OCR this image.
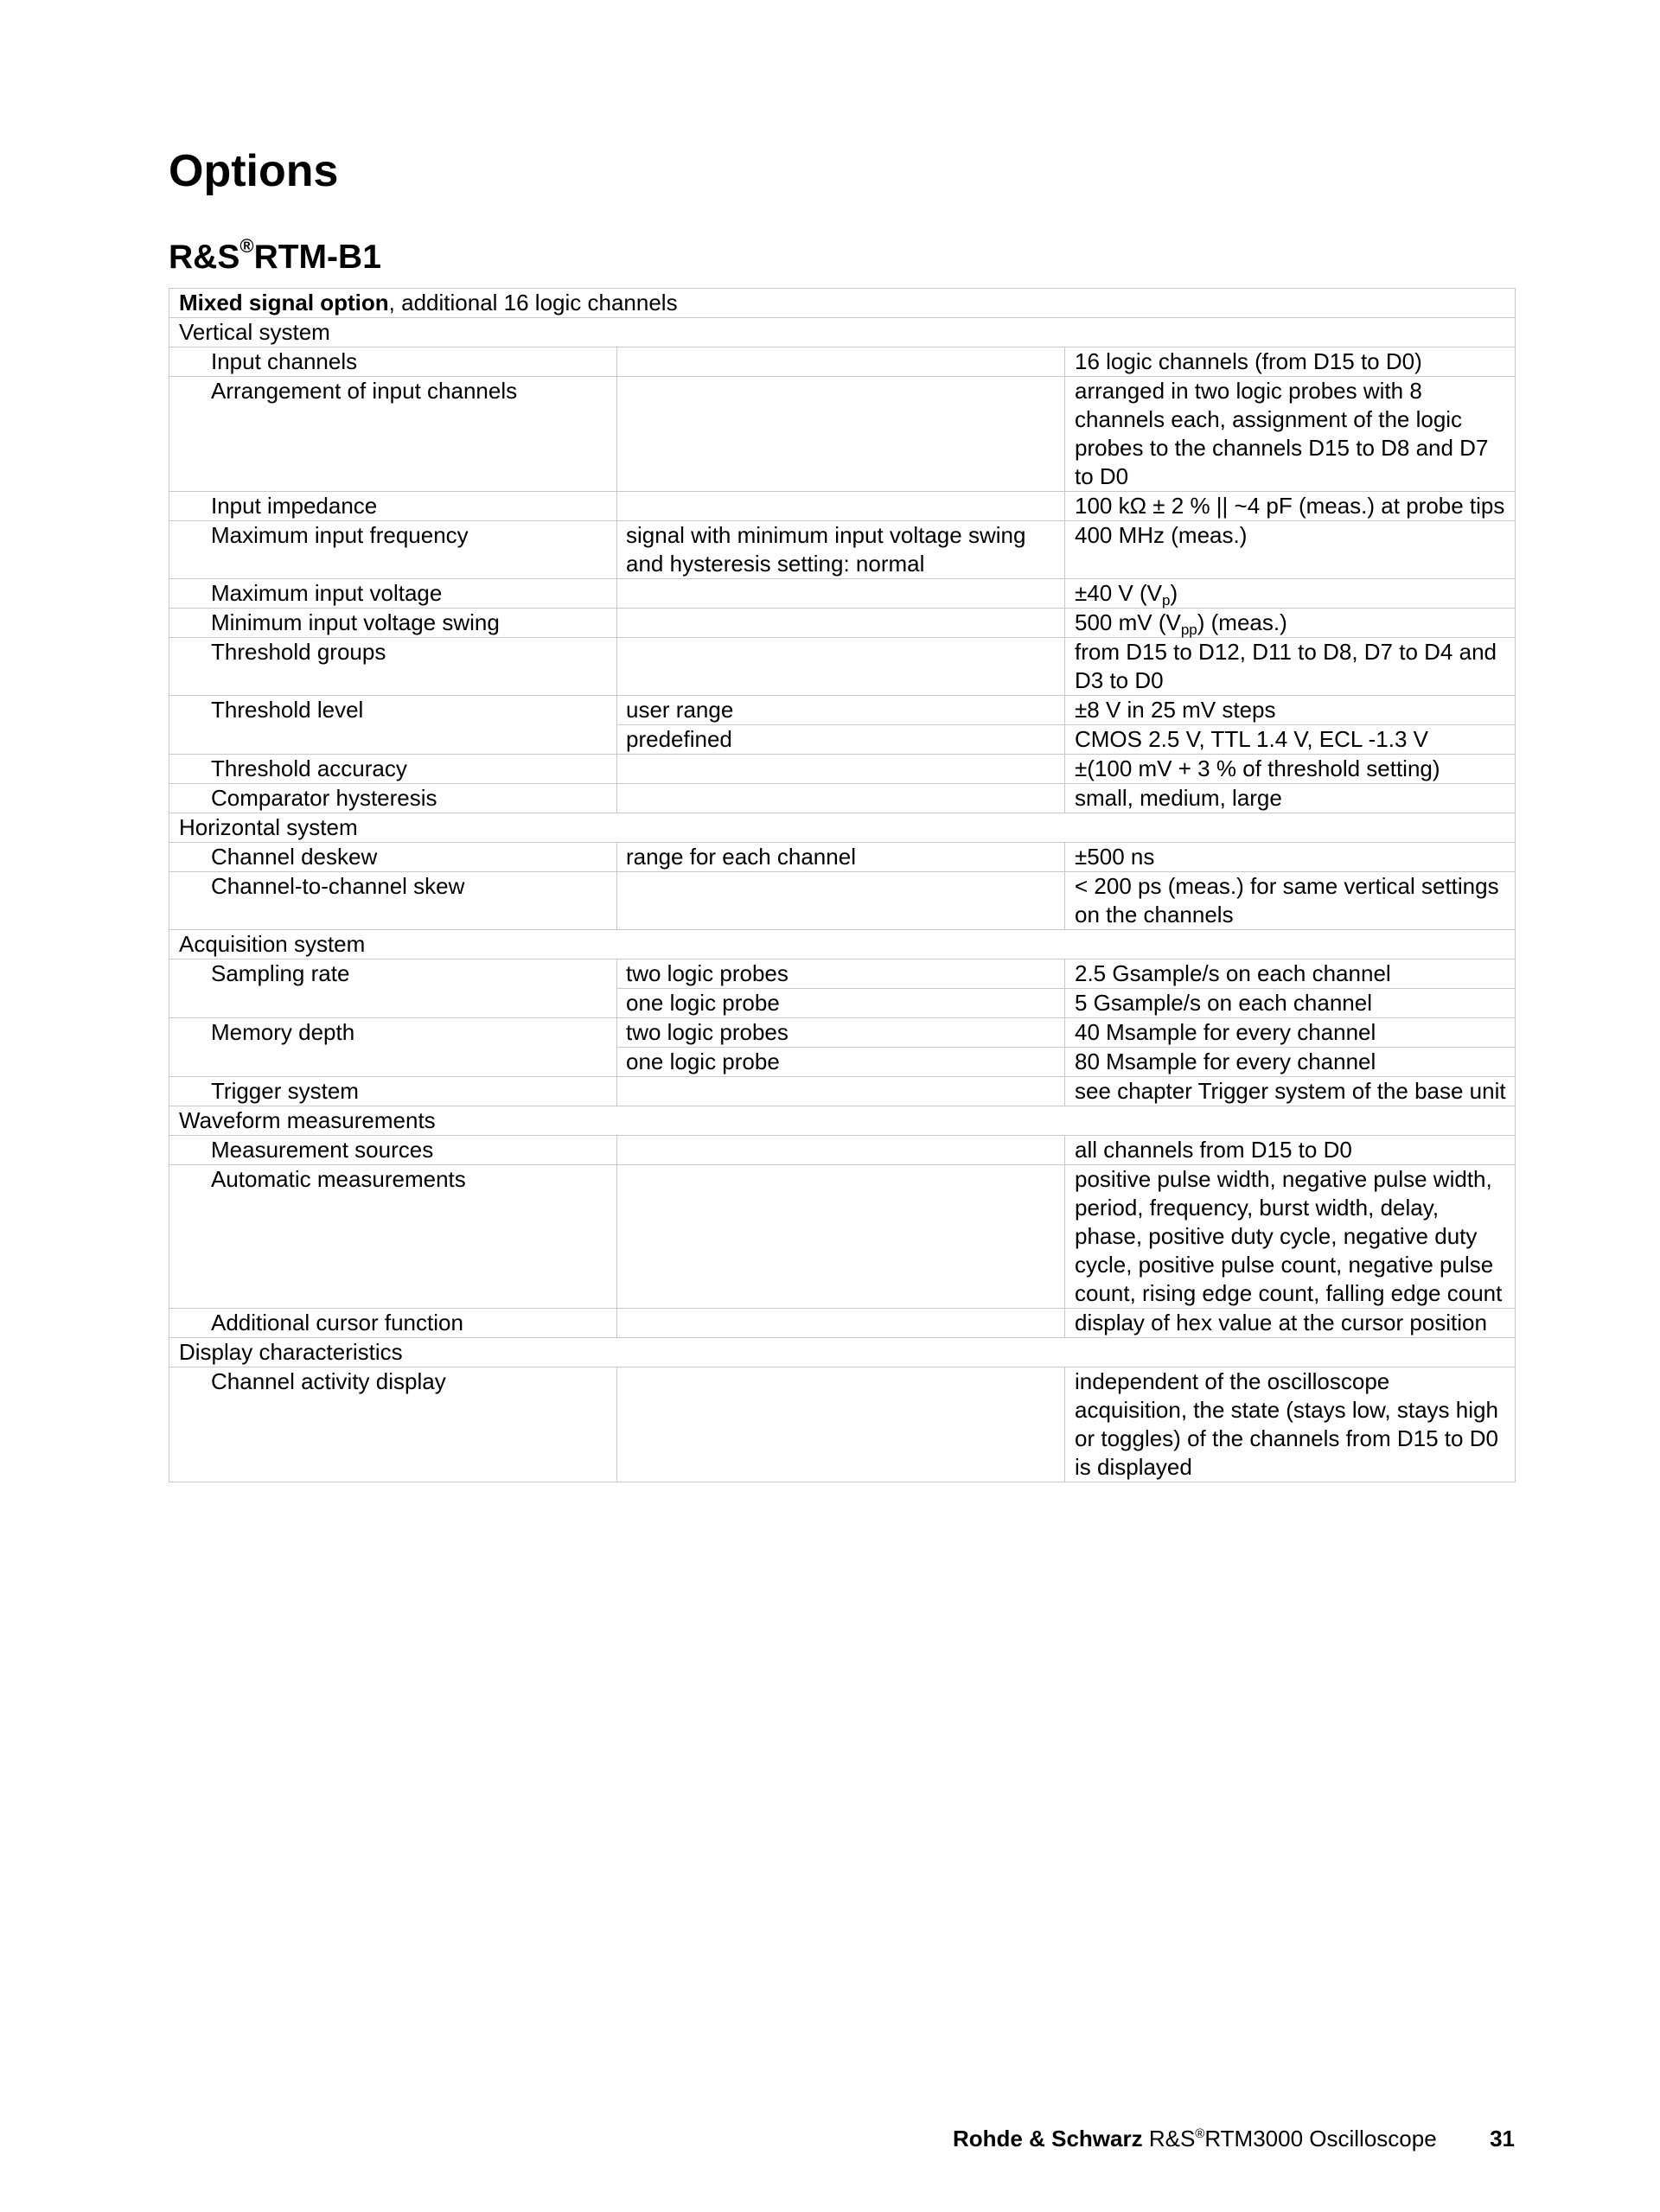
Options
R&S®RTM-B1
Mixed signal option, additional 16 logic channels		
Vertical system		
Input channels		16 logic channels (from D15 to D0)
Arrangement of input channels		arranged in two logic probes with 8 channels each, assignment of the logic probes to the channels D15 to D8 and D7 to D0
Input impedance		100 kΩ ± 2 % || ~4 pF (meas.) at probe tips
Maximum input frequency	signal with minimum input voltage swing and hysteresis setting: normal	400 MHz (meas.)
Maximum input voltage		±40 V $(V_p)$
Minimum input voltage swing		500 mV $(V_{pp})$ (meas.)
Threshold groups		from D15 to D12, D11 to D8, D7 to D4 and D3 to D0
Threshold level	user range	±8 V in 25 mV steps
	predefined	CMOS 2.5 V, TTL 1.4 V, ECL -1.3 V
Threshold accuracy		±(100 mV + 3 % of threshold setting)
Comparator hysteresis		small, medium, large
Horizontal system		
Channel deskew	range for each channel	±500 ns
Channel-to-channel skew		< 200 ps (meas.) for same vertical settings on the channels
Acquisition system		
Sampling rate	two logic probes	2.5 Gsample/s on each channel
	one logic probe	5 Gsample/s on each channel
Memory depth	two logic probes	40 Msample for every channel
	one logic probe	80 Msample for every channel
Trigger system		see chapter Trigger system of the base unit
Waveform measurements		
Measurement sources		all channels from D15 to D0
Automatic measurements		positive pulse width, negative pulse width, period, frequency, burst width, delay, phase, positive duty cycle, negative duty cycle, positive pulse count, negative pulse count, rising edge count, falling edge count
Additional cursor function		display of hex value at the cursor position
Display characteristics		
Channel activity display		independent of the oscilloscope acquisition, the state (stays low, stays high or toggles) of the channels from D15 to D0 is displayed
Rohde & Schwarz R&S®RTM3000 Oscilloscope 31
